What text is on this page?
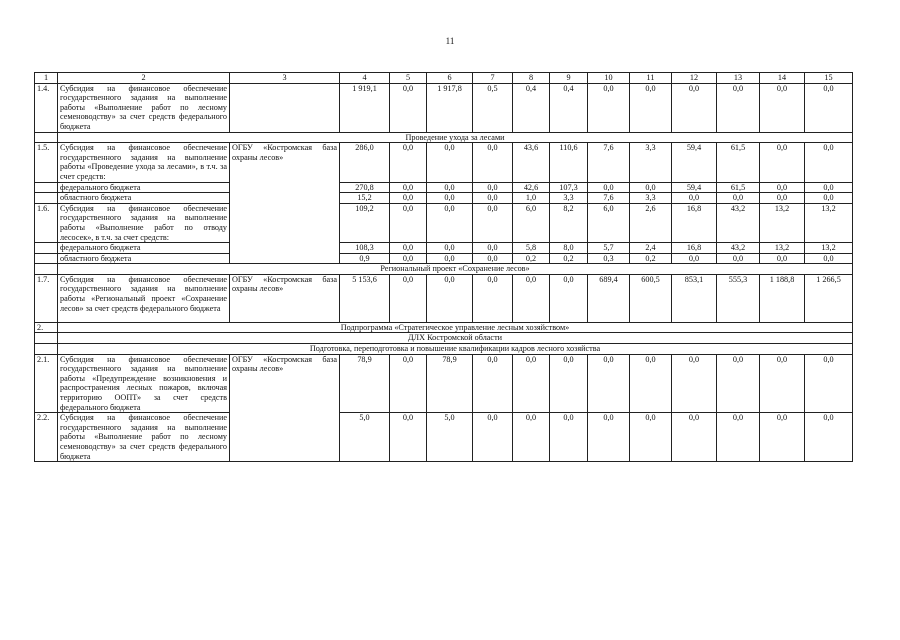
11
1	2	3	4	5	6	7	8	9	10	11	12	13	14	15
1.4.	Субсидия на финансовое обеспечение государственного задания на выполнение работы «Выполнение работ по лесному семеноводству» за счет средств федерального бюджета		1 919,1	0,0	1 917,8	0,5	0,4	0,4	0,0	0,0	0,0	0,0	0,0	0,0
	Проведение ухода за лесами													
1.5.	Субсидия на финансовое обеспечение государственного задания на выполнение работы «Проведение ухода за лесами», в т.ч. за счет средств:	ОГБУ «Костромская база охраны лесов»	286,0	0,0	0,0	0,0	43,6	110,6	7,6	3,3	59,4	61,5	0,0	0,0
	федерального бюджета		270,8	0,0	0,0	0,0	42,6	107,3	0,0	0,0	59,4	61,5	0,0	0,0
	областного бюджета		15,2	0,0	0,0	0,0	1,0	3,3	7,6	3,3	0,0	0,0	0,0	0,0
1.6.	Субсидия на финансовое обеспечение государственного задания на выполнение работы «Выполнение работ по отводу лесосек», в т.ч. за счет средств:		109,2	0,0	0,0	0,0	6,0	8,2	6,0	2,6	16,8	43,2	13,2	13,2
	федерального бюджета		108,3	0,0	0,0	0,0	5,8	8,0	5,7	2,4	16,8	43,2	13,2	13,2
	областного бюджета		0,9	0,0	0,0	0,0	0,2	0,2	0,3	0,2	0,0	0,0	0,0	0,0
	Региональный проект «Сохранение лесов»													
1.7.	Субсидия на финансовое обеспечение государственного задания на выполнение работы «Региональный проект «Сохранение лесов» за счет средств федерального бюджета	ОГБУ «Костромская база охраны лесов»	5 153,6	0,0	0,0	0,0	0,0	0,0	689,4	600,5	853,1	555,3	1 188,8	1 266,5
2.	Подпрограмма «Стратегическое управление лесным хозяйством»													
	ДЛХ Костромской области													
	Подготовка, переподготовка и повышение квалификации кадров лесного хозяйства													
2.1.	Субсидия на финансовое обеспечение государственного задания на выполнение работы «Предупреждение возникновения и распространения лесных пожаров, включая территорию ООПТ» за счет средств федерального бюджета	ОГБУ «Костромская база охраны лесов»	78,9	0,0	78,9	0,0	0,0	0,0	0,0	0,0	0,0	0,0	0,0	0,0
2.2.	Субсидия на финансовое обеспечение государственного задания на выполнение работы «Выполнение работ по лесному семеноводству» за счет средств федерального бюджета		5,0	0,0	5,0	0,0	0,0	0,0	0,0	0,0	0,0	0,0	0,0	0,0
